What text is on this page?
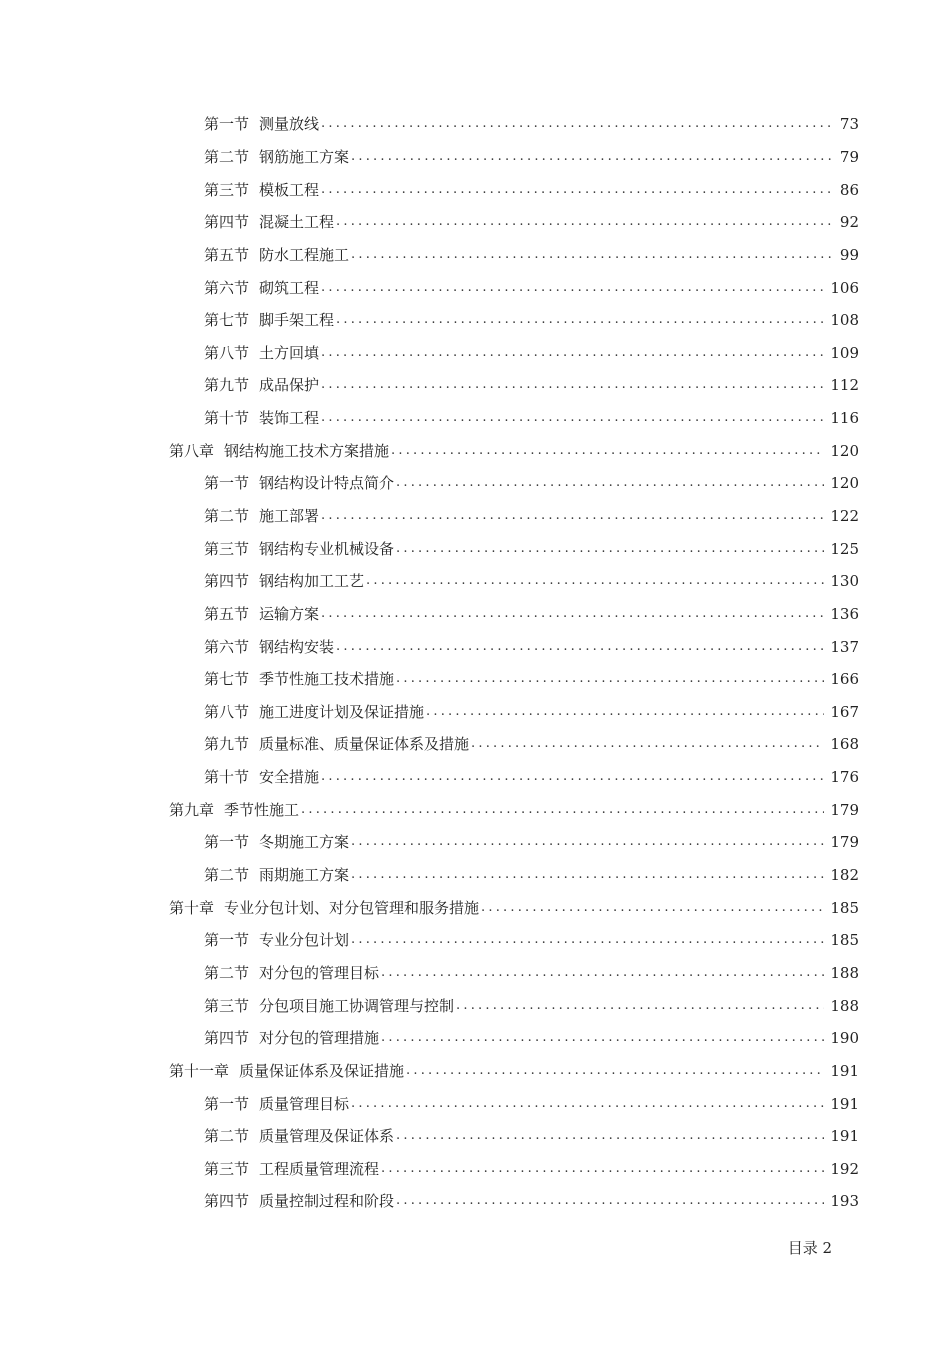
第一节 测量放线 .....	73
第二节 钢筋施工方案 .....	79
第三节 模板工程 .....	86
第四节 混凝土工程 .....	92
第五节 防水工程施工 .....	99
第六节 砌筑工程 .....	106
第七节 脚手架工程 .....	108
第八节 土方回填 .....	109
第九节 成品保护 .....	112
第十节 装饰工程 .....	116
第八章 钢结构施工技术方案措施 .....	120
第一节 钢结构设计特点简介 .....	120
第二节 施工部署 .....	122
第三节 钢结构专业机械设备 .....	125
第四节 钢结构加工工艺 .....	130
第五节 运输方案 .....	136
第六节 钢结构安装 .....	137
第七节 季节性施工技术措施 .....	166
第八节 施工进度计划及保证措施 .....	167
第九节 质量标准、质量保证体系及措施 .....	168
第十节 安全措施 .....	176
第九章 季节性施工 .....	179
第一节 冬期施工方案 .....	179
第二节 雨期施工方案 .....	182
第十章 专业分包计划、对分包管理和服务措施 .....	185
第一节 专业分包计划 .....	185
第二节 对分包的管理目标 .....	188
第三节 分包项目施工协调管理与控制 .....	188
第四节 对分包的管理措施 .....	190
第十一章 质量保证体系及保证措施 .....	191
第一节 质量管理目标 .....	191
第二节 质量管理及保证体系 .....	191
第三节 工程质量管理流程 .....	192
第四节 质量控制过程和阶段 .....	193
目录 2
